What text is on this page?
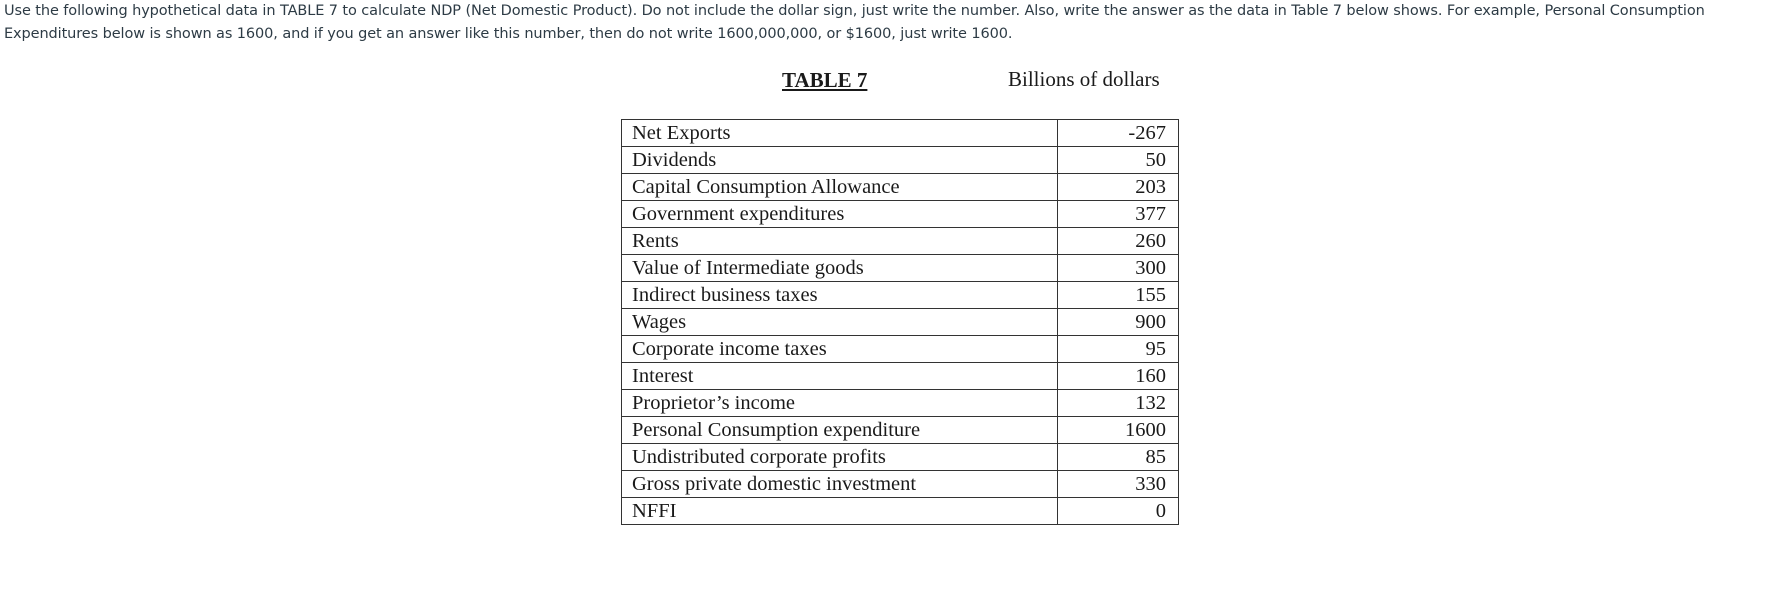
Use the following hypothetical data in TABLE 7 to calculate NDP (Net Domestic Product). Do not include the dollar sign, just write the number. Also, write the answer as the data in Table 7 below shows. For example, Personal Consumption Expenditures below is shown as 1600, and if you get an answer like this number, then do not write 1600,000,000, or $1600, just write 1600.
TABLE 7	Billions of dollars
Net Exports	-267
Dividends	50
Capital Consumption Allowance	203
Government expenditures	377
Rents	260
Value of Intermediate goods	300
Indirect business taxes	155
Wages	900
Corporate income taxes	95
Interest	160
Proprietor’s income	132
Personal Consumption expenditure	1600
Undistributed corporate profits	85
Gross private domestic investment	330
NFFI	0
